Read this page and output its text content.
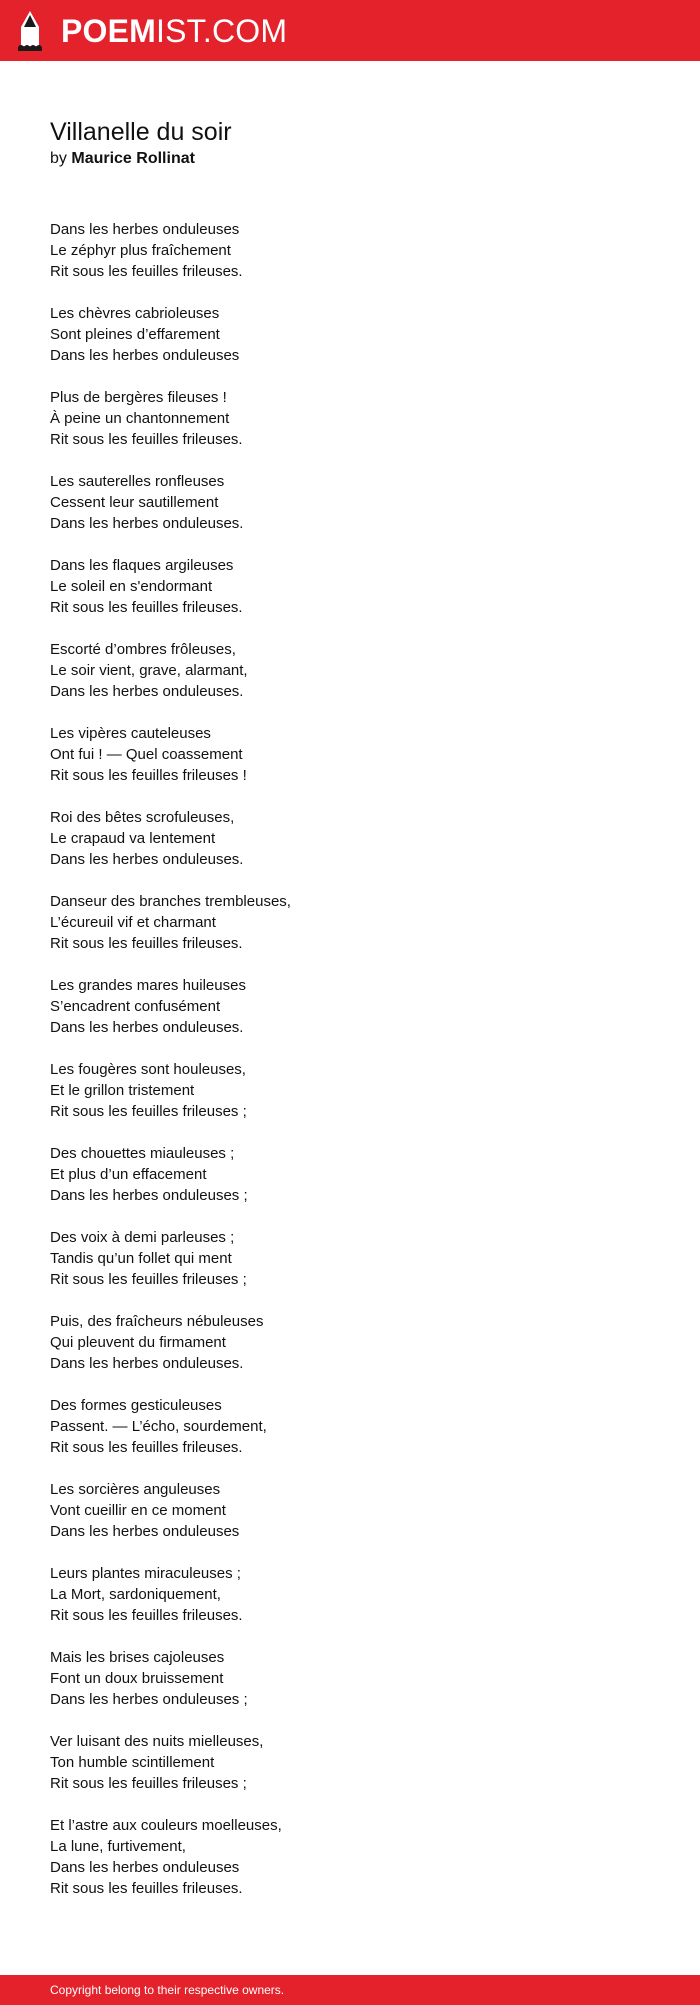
POEMIST.COM
Villanelle du soir
by Maurice Rollinat
Dans les herbes onduleuses
Le zéphyr plus fraîchement
Rit sous les feuilles frileuses.
Les chèvres cabrioleuses
Sont pleines d’effarement
Dans les herbes onduleuses
Plus de bergères fileuses !
À peine un chantonnement
Rit sous les feuilles frileuses.
Les sauterelles ronfleuses
Cessent leur sautillement
Dans les herbes onduleuses.
Dans les flaques argileuses
Le soleil en s'endormant
Rit sous les feuilles frileuses.
Escorté d’ombres frôleuses,
Le soir vient, grave, alarmant,
Dans les herbes onduleuses.
Les vipères cauteleuses
Ont fui ! — Quel coassement
Rit sous les feuilles frileuses !
Roi des bêtes scrofuleuses,
Le crapaud va lentement
Dans les herbes onduleuses.
Danseur des branches trembleuses,
L’écureuil vif et charmant
Rit sous les feuilles frileuses.
Les grandes mares huileuses
S’encadrent confusément
Dans les herbes onduleuses.
Les fougères sont houleuses,
Et le grillon tristement
Rit sous les feuilles frileuses ;
Des chouettes miauleuses ;
Et plus d’un effacement
Dans les herbes onduleuses ;
Des voix à demi parleuses ;
Tandis qu’un follet qui ment
Rit sous les feuilles frileuses ;
Puis, des fraîcheurs nébuleuses
Qui pleuvent du firmament
Dans les herbes onduleuses.
Des formes gesticuleuses
Passent. — L’écho, sourdement,
Rit sous les feuilles frileuses.
Les sorcières anguleuses
Vont cueillir en ce moment
Dans les herbes onduleuses
Leurs plantes miraculeuses ;
La Mort, sardoniquement,
Rit sous les feuilles frileuses.
Mais les brises cajoleuses
Font un doux bruissement
Dans les herbes onduleuses ;
Ver luisant des nuits mielleuses,
Ton humble scintillement
Rit sous les feuilles frileuses ;
Et l’astre aux couleurs moelleuses,
La lune, furtivement,
Dans les herbes onduleuses
Rit sous les feuilles frileuses.
Copyright belong to their respective owners.
